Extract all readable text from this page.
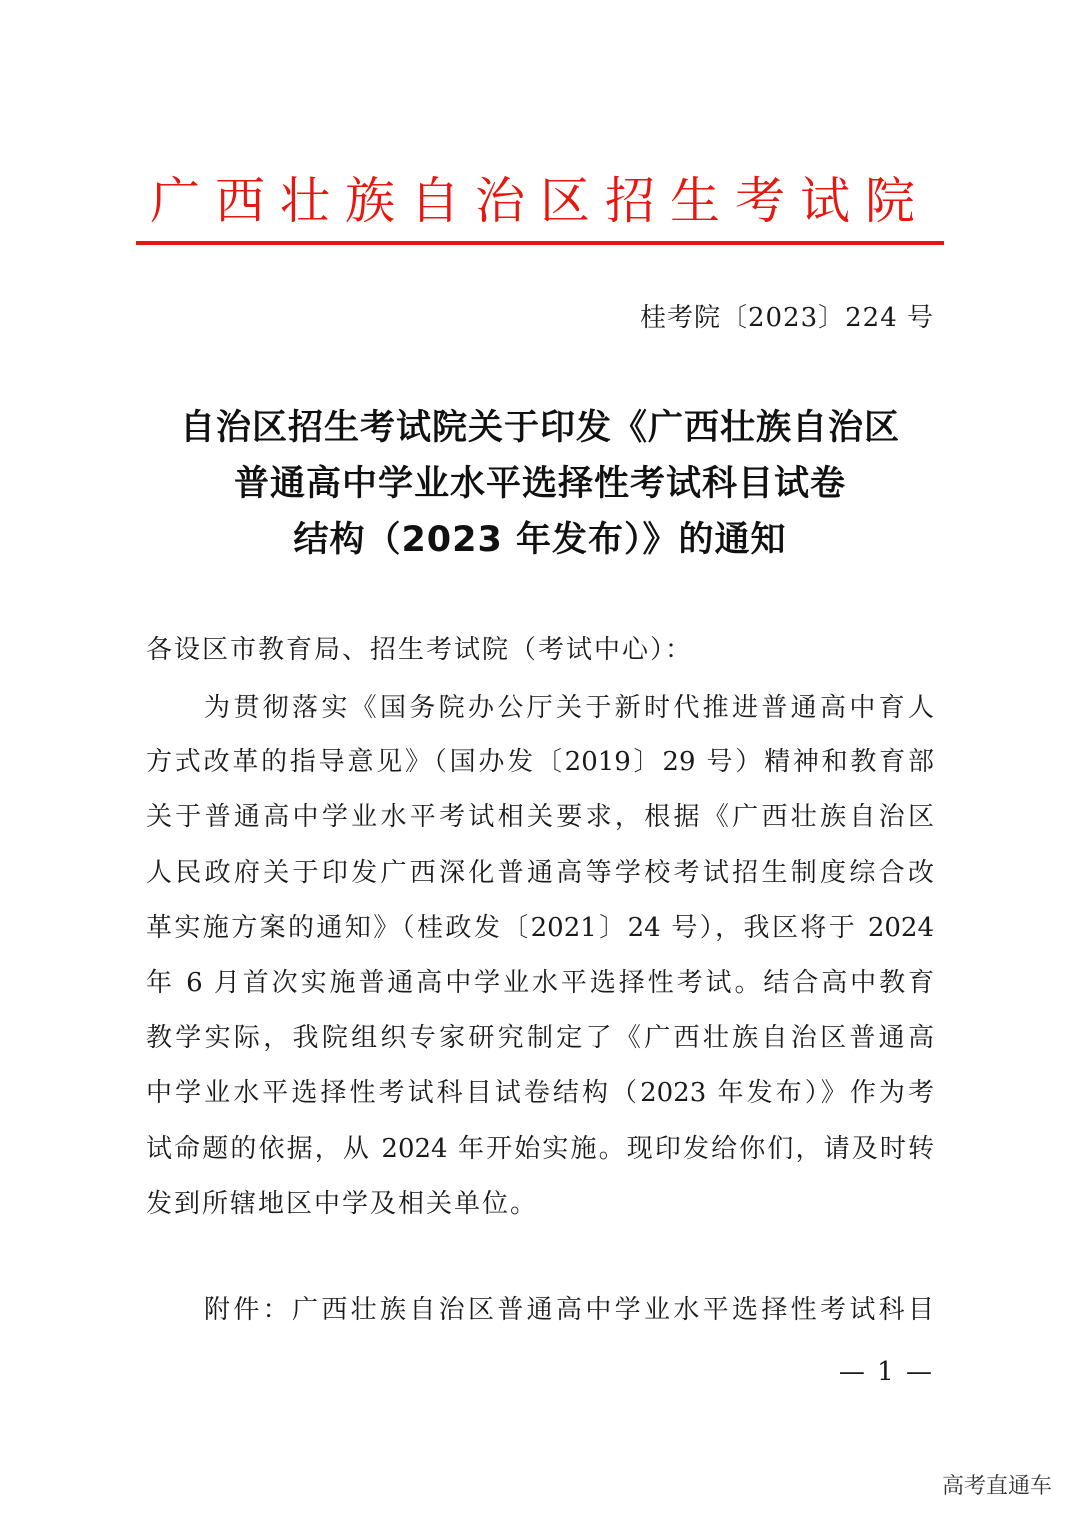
广西壮族自治区招生考试院
桂考院〔2023〕224 号
自治区招生考试院关于印发《广西壮族自治区
普通高中学业水平选择性考试科目试卷
结构（2023 年发布）》的通知
各设区市教育局、招生考试院（考试中心）：
为贯彻落实《国务院办公厅关于新时代推进普通高中育人
方式改革的指导意见》（国办发〔2019〕29 号）精神和教育部
关于普通高中学业水平考试相关要求，根据《广西壮族自治区
人民政府关于印发广西深化普通高等学校考试招生制度综合改
革实施方案的通知》（桂政发〔2021〕24 号），我区将于 2024
年 6 月首次实施普通高中学业水平选择性考试。结合高中教育
教学实际，我院组织专家研究制定了《广西壮族自治区普通高
中学业水平选择性考试科目试卷结构（2023 年发布）》作为考
试命题的依据，从 2024 年开始实施。现印发给你们，请及时转
发到所辖地区中学及相关单位。
附件：广西壮族自治区普通高中学业水平选择性考试科目
— 1 —
高考直通车
